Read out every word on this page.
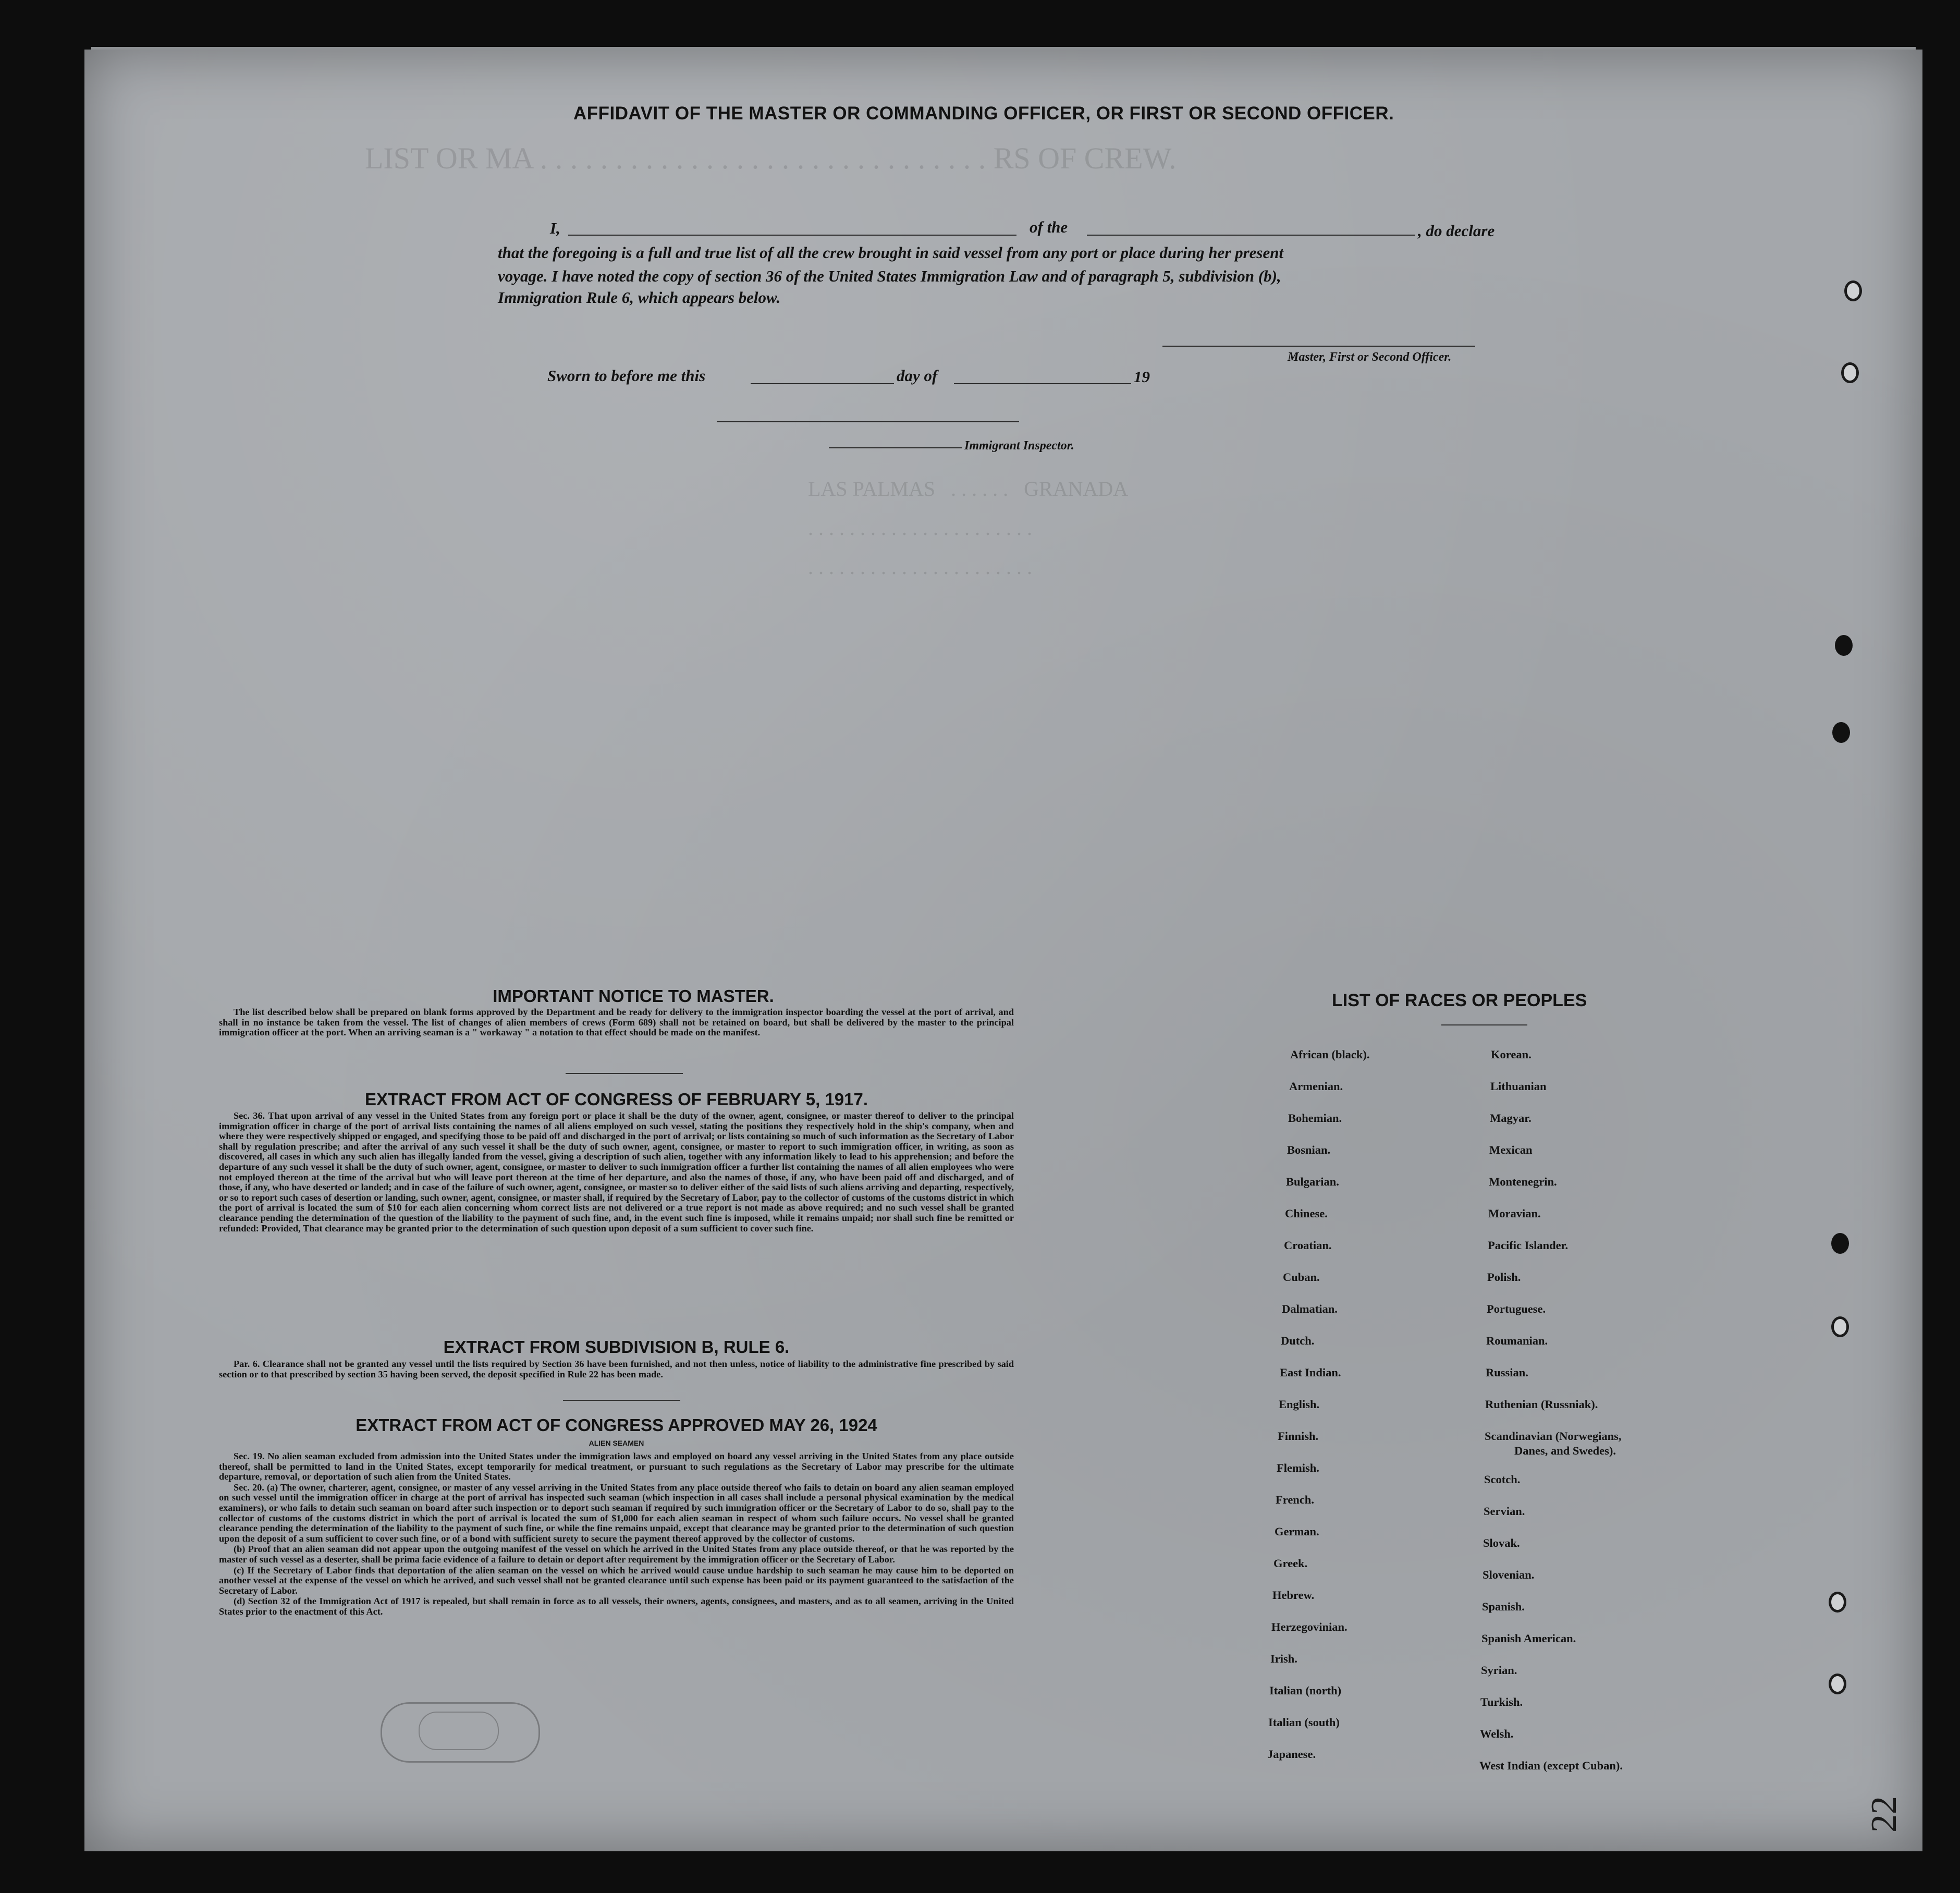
LIST OR MA . . . . . . . . . . . . . . . . . . . . . . . . . . . . . . RS OF CREW.
LAS PALMAS   . . . . . .   GRANADA
. . . . . . . . . . . . . . . . . . . . . .
. . . . . . . . . . . . . . . . . . . . . .
AFFIDAVIT OF THE MASTER OR COMMANDING OFFICER, OR FIRST OR SECOND OFFICER.
I,	of the	, do declare
that the foregoing is a full and true list of all the crew brought in said vessel from any port or place during her present
voyage. I have noted the copy of section 36 of the United States Immigration Law and of paragraph 5, subdivision (b),
Immigration Rule 6, which appears below.
Master, First or Second Officer.
Sworn to before me this	day of	19
Immigrant Inspector.
IMPORTANT NOTICE TO MASTER.

The list described below shall be prepared on blank forms approved by the Department and be ready for delivery to the immigration inspector boarding the vessel at the port of arrival, and shall in no instance be taken from the vessel. The list of changes of alien members of crews (Form 689) shall not be retained on board, but shall be delivered by the master to the principal immigration officer at the port. When an arriving seaman is a " workaway " a notation to that effect should be made on the manifest.

EXTRACT FROM ACT OF CONGRESS OF FEBRUARY 5, 1917.

Sec. 36. That upon arrival of any vessel in the United States from any foreign port or place it shall be the duty of the owner, agent, consignee, or master thereof to deliver to the principal immigration officer in charge of the port of arrival lists containing the names of all aliens employed on such vessel, stating the positions they respectively hold in the ship's company, when and where they were respectively shipped or engaged, and specifying those to be paid off and discharged in the port of arrival; or lists containing so much of such information as the Secretary of Labor shall by regulation prescribe; and after the arrival of any such vessel it shall be the duty of such owner, agent, consignee, or master to report to such immigration officer, in writing, as soon as discovered, all cases in which any such alien has illegally landed from the vessel, giving a description of such alien, together with any information likely to lead to his apprehension; and before the departure of any such vessel it shall be the duty of such owner, agent, consignee, or master to deliver to such immigration officer a further list containing the names of all alien employees who were not employed thereon at the time of the arrival but who will leave port thereon at the time of her departure, and also the names of those, if any, who have been paid off and discharged, and of those, if any, who have deserted or landed; and in case of the failure of such owner, agent, consignee, or master so to deliver either of the said lists of such aliens arriving and departing, respectively, or so to report such cases of desertion or landing, such owner, agent, consignee, or master shall, if required by the Secretary of Labor, pay to the collector of customs of the customs district in which the port of arrival is located the sum of $10 for each alien concerning whom correct lists are not delivered or a true report is not made as above required; and no such vessel shall be granted clearance pending the determination of the question of the liability to the payment of such fine, and, in the event such fine is imposed, while it remains unpaid; nor shall such fine be remitted or refunded: Provided, That clearance may be granted prior to the determination of such question upon deposit of a sum sufficient to cover such fine.

EXTRACT FROM SUBDIVISION B, RULE 6.

Par. 6. Clearance shall not be granted any vessel until the lists required by Section 36 have been furnished, and not then unless, notice of liability to the administrative fine prescribed by said section or to that prescribed by section 35 having been served, the deposit specified in Rule 22 has been made.

EXTRACT FROM ACT OF CONGRESS APPROVED MAY 26, 1924
ALIEN SEAMEN

Sec. 19. No alien seaman excluded from admission into the United States under the immigration laws and employed on board any vessel arriving in the United States from any place outside thereof, shall be permitted to land in the United States, except temporarily for medical treatment, or pursuant to such regulations as the Secretary of Labor may prescribe for the ultimate departure, removal, or deportation of such alien from the United States.

Sec. 20. (a) The owner, charterer, agent, consignee, or master of any vessel arriving in the United States from any place outside thereof who fails to detain on board any alien seaman employed on such vessel until the immigration officer in charge at the port of arrival has inspected such seaman (which inspection in all cases shall include a personal physical examination by the medical examiners), or who fails to detain such seaman on board after such inspection or to deport such seaman if required by such immigration officer or the Secretary of Labor to do so, shall pay to the collector of customs of the customs district in which the port of arrival is located the sum of $1,000 for each alien seaman in respect of whom such failure occurs. No vessel shall be granted clearance pending the determination of the liability to the payment of such fine, or while the fine remains unpaid, except that clearance may be granted prior to the determination of such question upon the deposit of a sum sufficient to cover such fine, or of a bond with sufficient surety to secure the payment thereof approved by the collector of customs.

(b) Proof that an alien seaman did not appear upon the outgoing manifest of the vessel on which he arrived in the United States from any place outside thereof, or that he was reported by the master of such vessel as a deserter, shall be prima facie evidence of a failure to detain or deport after requirement by the immigration officer or the Secretary of Labor.

(c) If the Secretary of Labor finds that deportation of the alien seaman on the vessel on which he arrived would cause undue hardship to such seaman he may cause him to be deported on another vessel at the expense of the vessel on which he arrived, and such vessel shall not be granted clearance until such expense has been paid or its payment guaranteed to the satisfaction of the Secretary of Labor.

(d) Section 32 of the Immigration Act of 1917 is repealed, but shall remain in force as to all vessels, their owners, agents, consignees, and masters, and as to all seamen, arriving in the United States prior to the enactment of this Act.

LIST OF RACES OR PEOPLES
African (black).
Armenian.
Bohemian.
Bosnian.
Bulgarian.
Chinese.
Croatian.
Cuban.
Dalmatian.
Dutch.
East Indian.
English.
Finnish.
Flemish.
French.
German.
Greek.
Hebrew.
Herzegovinian.
Irish.
Italian (north)
Italian (south)
Japanese.
Korean.
Lithuanian
Magyar.
Mexican
Montenegrin.
Moravian.
Pacific Islander.
Polish.
Portuguese.
Roumanian.
Russian.
Ruthenian (Russniak).
Scandinavian (Norwegians,
Danes, and Swedes).
Scotch.
Servian.
Slovak.
Slovenian.
Spanish.
Spanish American.
Syrian.
Turkish.
Welsh.
West Indian (except Cuban).
22
